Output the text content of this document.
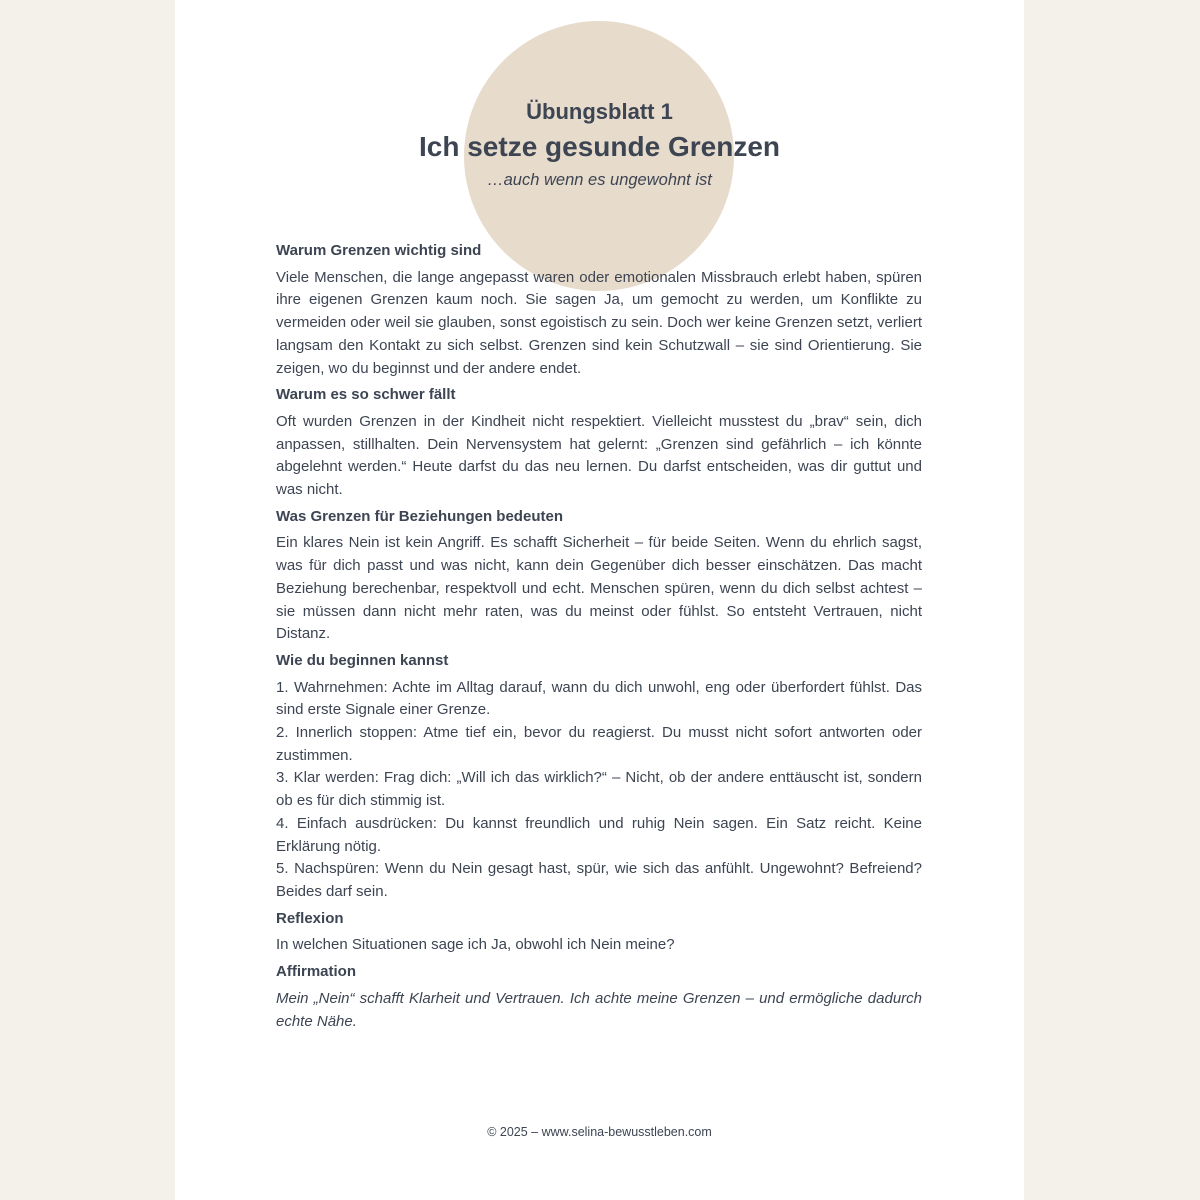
Übungsblatt 1
Ich setze gesunde Grenzen
…auch wenn es ungewohnt ist
Warum Grenzen wichtig sind

Viele Menschen, die lange angepasst waren oder emotionalen Missbrauch erlebt haben, spüren ihre eigenen Grenzen kaum noch. Sie sagen Ja, um gemocht zu werden, um Konflikte zu vermeiden oder weil sie glauben, sonst egoistisch zu sein. Doch wer keine Grenzen setzt, verliert langsam den Kontakt zu sich selbst. Grenzen sind kein Schutzwall – sie sind Orientierung. Sie zeigen, wo du beginnst und der andere endet.

Warum es so schwer fällt

Oft wurden Grenzen in der Kindheit nicht respektiert. Vielleicht musstest du „brav“ sein, dich anpassen, stillhalten. Dein Nervensystem hat gelernt: „Grenzen sind gefährlich – ich könnte abgelehnt werden.“ Heute darfst du das neu lernen. Du darfst entscheiden, was dir guttut und was nicht.

Was Grenzen für Beziehungen bedeuten

Ein klares Nein ist kein Angriff. Es schafft Sicherheit – für beide Seiten. Wenn du ehrlich sagst, was für dich passt und was nicht, kann dein Gegenüber dich besser einschätzen. Das macht Beziehung berechenbar, respektvoll und echt. Menschen spüren, wenn du dich selbst achtest – sie müssen dann nicht mehr raten, was du meinst oder fühlst. So entsteht Vertrauen, nicht Distanz.

Wie du beginnen kannst
1. Wahrnehmen: Achte im Alltag darauf, wann du dich unwohl, eng oder überfordert fühlst. Das sind erste Signale einer Grenze.
2. Innerlich stoppen: Atme tief ein, bevor du reagierst. Du musst nicht sofort antworten oder zustimmen.
3. Klar werden: Frag dich: „Will ich das wirklich?“ – Nicht, ob der andere enttäuscht ist, sondern ob es für dich stimmig ist.
4. Einfach ausdrücken: Du kannst freundlich und ruhig Nein sagen. Ein Satz reicht. Keine Erklärung nötig.
5. Nachspüren: Wenn du Nein gesagt hast, spür, wie sich das anfühlt. Ungewohnt? Befreiend? Beides darf sein.
Reflexion

In welchen Situationen sage ich Ja, obwohl ich Nein meine?

Affirmation

Mein „Nein“ schafft Klarheit und Vertrauen. Ich achte meine Grenzen – und ermögliche dadurch echte Nähe.

© 2025 – www.selina-bewusstleben.com
